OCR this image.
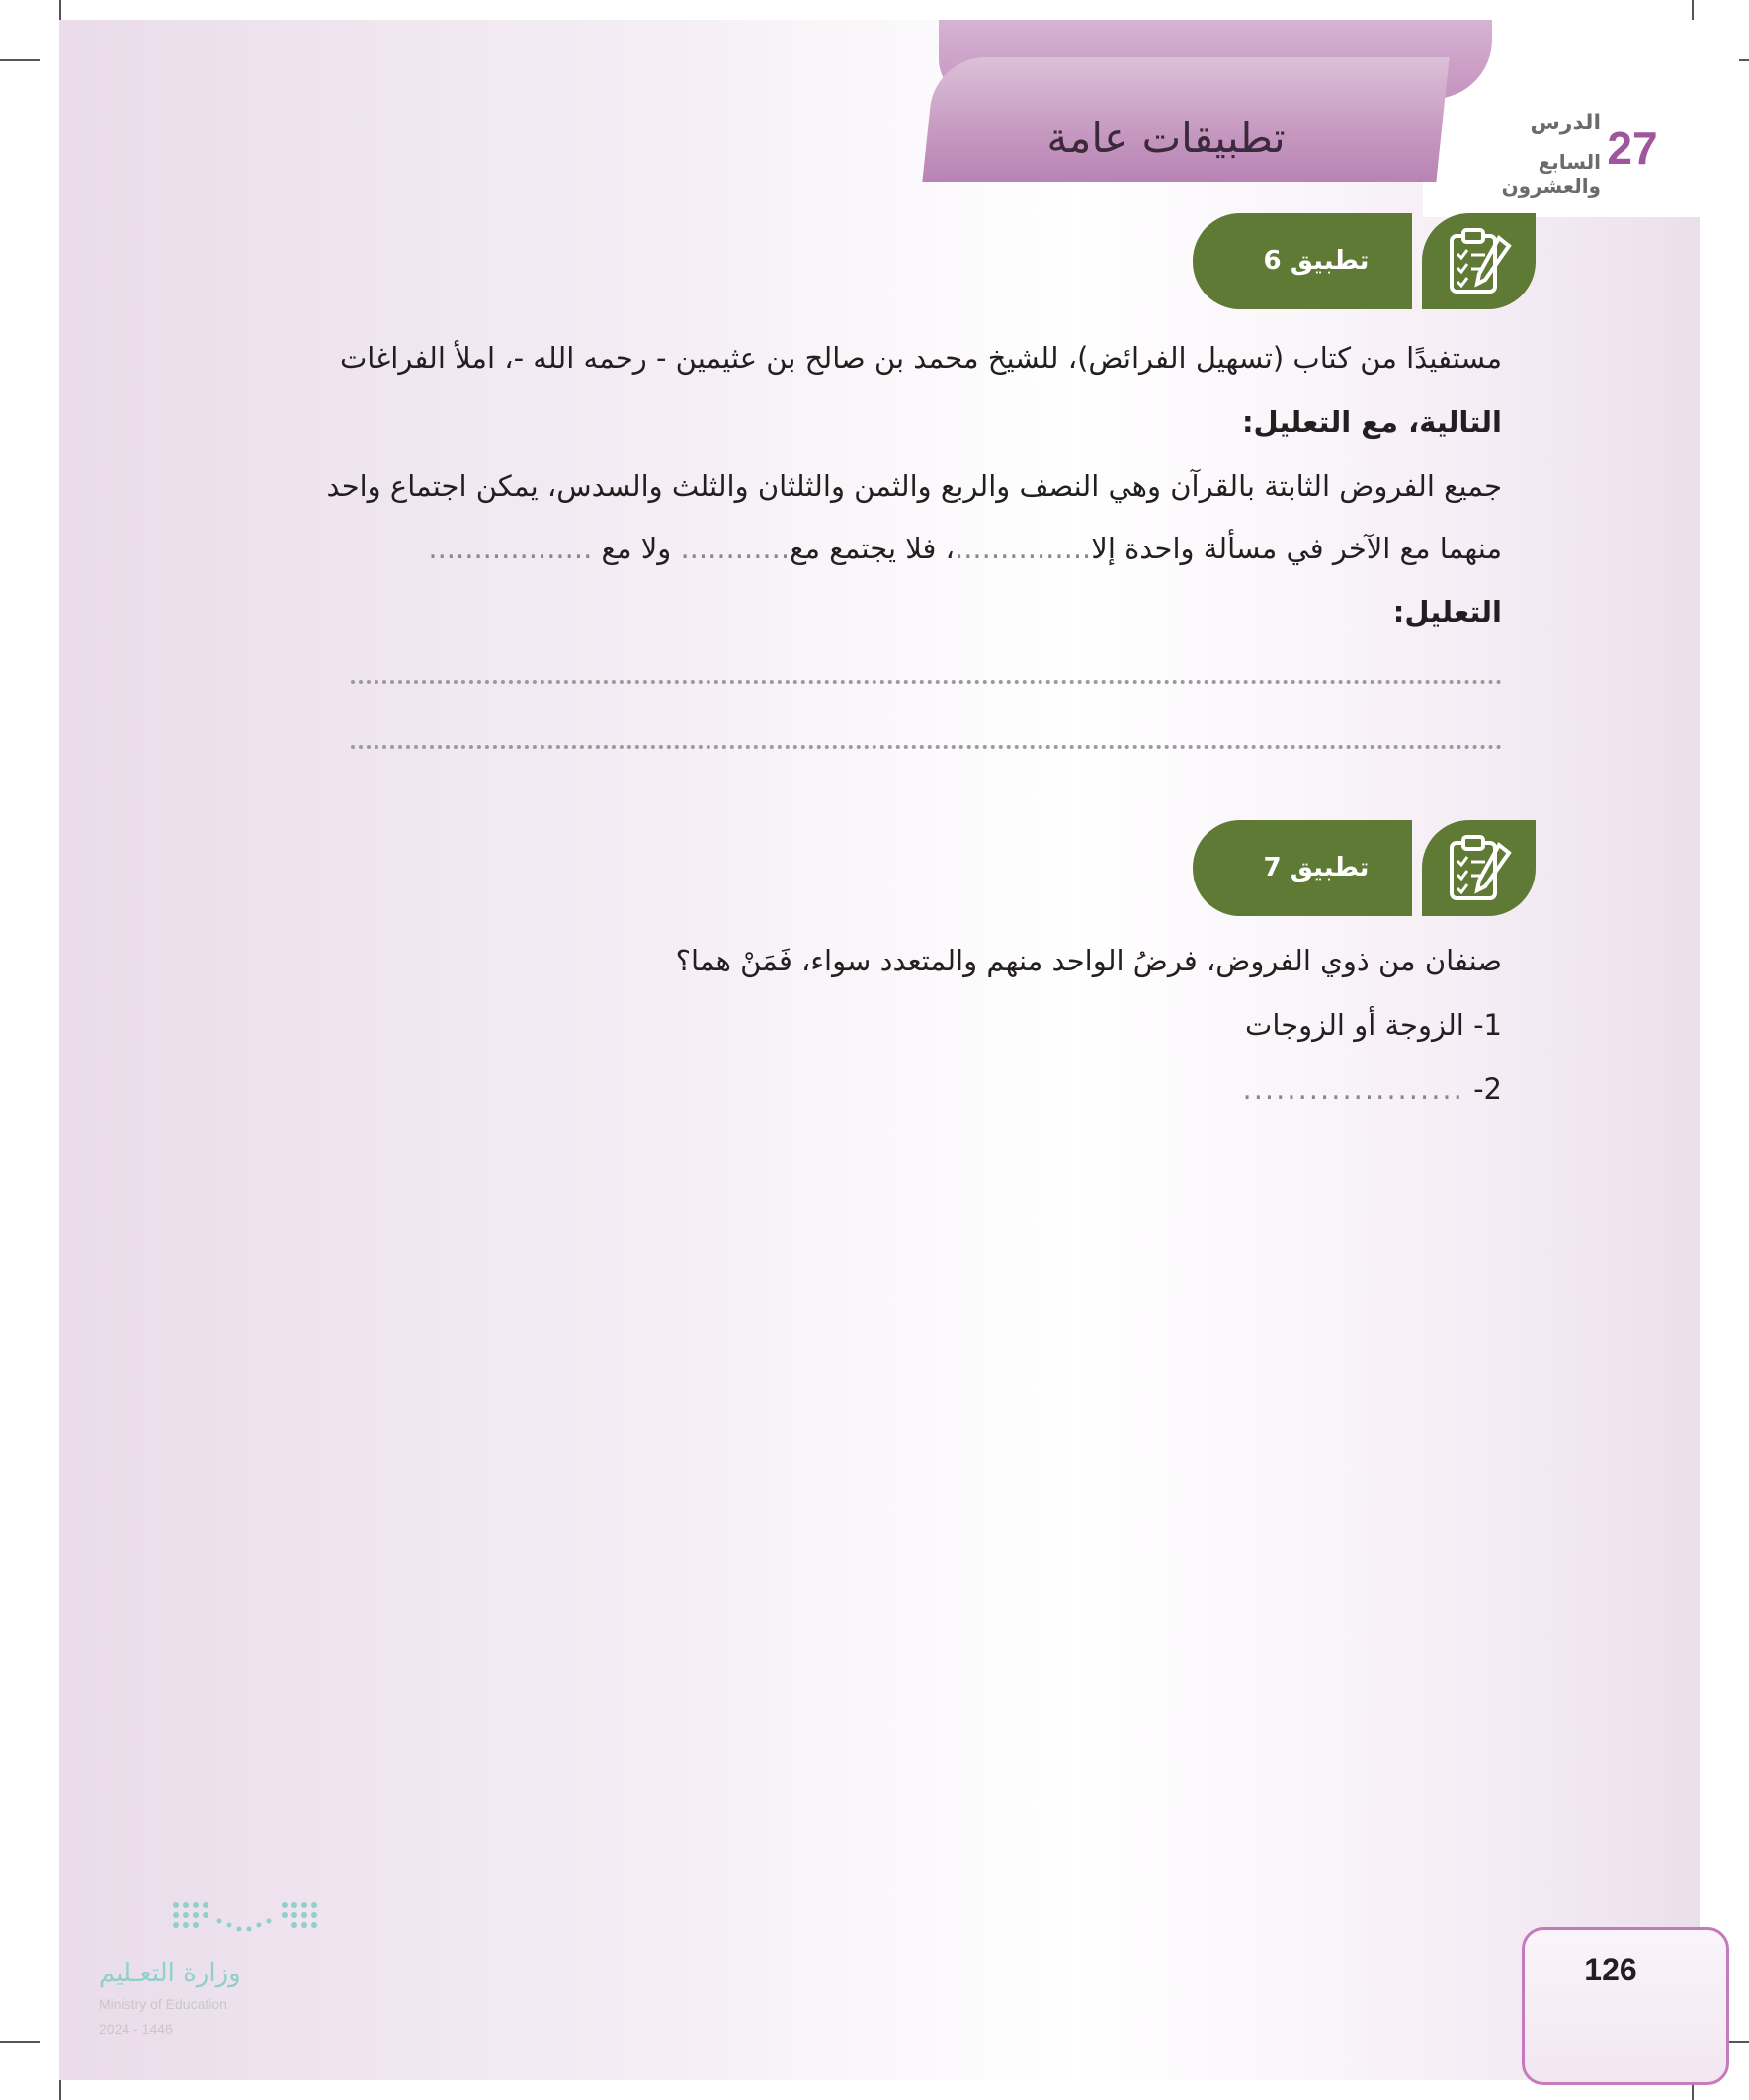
تطبيقات عامة	27
الدرس
السابع والعشرون
تطبيق 6
مستفيدًا من كتاب (تسهيل الفرائض)، للشيخ محمد بن صالح بن عثيمين - رحمه الله -، املأ الفراغات
التالية، مع التعليل:
جميع الفروض الثابتة بالقرآن وهي النصف والربع والثمن والثلثان والثلث والسدس، يمكن اجتماع واحد
منهما مع الآخر في مسألة واحدة إلا...............، فلا يجتمع مع............ ولا مع ..................
التعليل:
تطبيق 7
صنفان من ذوي الفروض، فرضُ الواحد منهم والمتعدد سواء، فَمَنْ هما؟
1- الزوجة أو الزوجات
2- ....................
وزارة التعـليم
Ministry of Education
2024 - 1446
126
